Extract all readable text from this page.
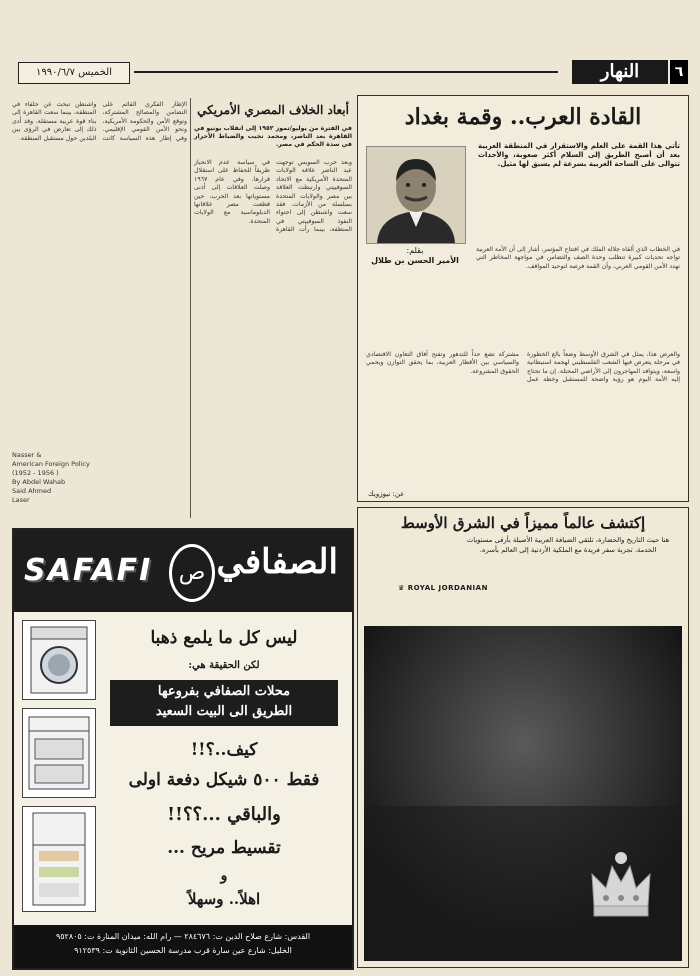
الخميس ١٩٩٠/٦/٧	النهار	٦
القادة العرب.. وقمة بغداد
تأتي هذا القمة على العلم والاستقرار في المنطقة العربية بعد أن أصبح الطريق إلى السلام أكثر صعوبة، والأحداث تتوالى على الساحة العربية بسرعة لم يسبق لها مثيل.
بقلم:
الأمير الحسن بن طلال
في الخطاب الذي ألقاه جلالة الملك في افتتاح المؤتمر، أشار إلى أن الأمة العربية تواجه تحديات كبيرة تتطلب وحدة الصف والتضامن في مواجهة المخاطر التي تهدد الأمن القومي العربي، وأن القمة فرصة لتوحيد المواقف.
والعرض هذا، يمثل في الشرق الأوسط وضعاً بالغ الخطورة في مرحلة يتعرض فيها الشعب الفلسطيني لهجمة استيطانية واسعة، ويتوافد المهاجرون إلى الأراضي المحتلة. إن ما تحتاج إليه الأمة اليوم هو رؤية واضحة للمستقبل وخطة عمل مشتركة تضع حداً للتدهور وتفتح آفاق التعاون الاقتصادي والسياسي بين الأقطار العربية، بما يحقق التوازن ويحمي الحقوق المشروعة.
عن: نيوزويك
أبعاد الخلاف المصري الأمريكي
في الفترة من يوليو/تموز ١٩٥٢ إلى انقلاب يونيو في القاهرة بعد الناصر، ومحمد نجيب والضباط الأحرار في سدة الحكم في مصر.
وبعد حرب السويس توجهت عبد الناصر علاقة الولايات المتحدة الأمريكية مع الاتحاد السوفييتي وارتبطت العلاقة بين مصر والولايات المتحدة بسلسلة من الأزمات. فقد سعت واشنطن إلى احتواء النفوذ السوفييتي في المنطقة، بينما رأت القاهرة في سياسة عدم الانحياز طريقاً للحفاظ على استقلال قرارها. وفي عام ١٩٦٧ وصلت العلاقات إلى أدنى مستوياتها بعد الحرب، حين قطعت مصر علاقاتها الدبلوماسية مع الولايات المتحدة.
الإطار الفكري القائم على التضامن والمصالح المشتركة، وتوقع الأمن والحكومة الأمريكية، ونحو الأمن القومي الإقليمي. وفي إطار هذه السياسة كانت واشنطن تبحث عن حلفاء في المنطقة، بينما سعت القاهرة إلى بناء قوة عربية مستقلة. وقد أدى ذلك إلى تعارض في الرؤى بين البلدين حول مستقبل المنطقة.
Nasser &
American Foreign Policy
(1952 - 1956 )
By Abdel Wahab
Said Ahmed
Laser
SAFAFI	ص الصفافي
ليس كل ما يلمع ذهبا
لكن الحقيقة هي:
محلات الصفافي بفروعها
الطريق الى البيت السعيد
كيف..؟!!
فقط ٥٠٠ شيكل دفعة اولى
والباقي ...؟؟!!
تقسيط مريح ...
و
اهلاً.. وسهلاً
القدس: شارع صلاح الدين ت: ٢٨٤٦٧٦ — رام الله: ميدان المنارة ت: ٩٥٢٨٠٥
الخليل: شارع عين سارة قرب مدرسة الحسين الثانوية ت: ٩١٢٥٣٩
إكتشف عالماً مميزاً في الشرق الأوسط
هنا حيث التاريخ والحضارة، تلتقي الضيافة العربية الأصيلة بأرقى مستويات الخدمة. تجربة سفر فريدة مع الملكية الأردنية إلى العالم بأسره.
♛ ROYAL JORDANIAN
